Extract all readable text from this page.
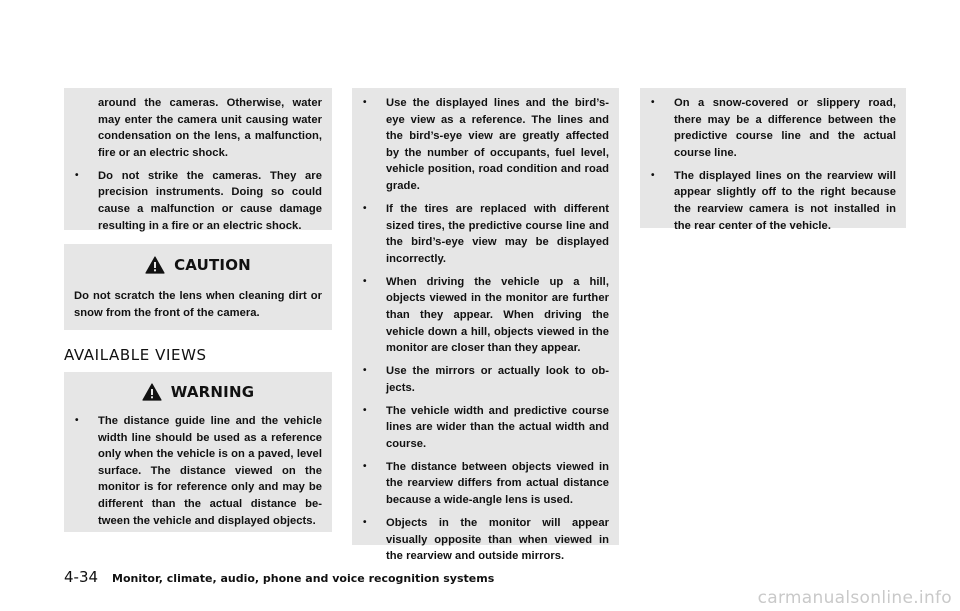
around the cameras. Otherwise, water may enter the camera unit causing water condensation on the lens, a malfunction, fire or an electric shock.

• Do not strike the cameras. They are precision instruments. Doing so could cause a malfunction or cause damage resulting in a fire or an electric shock.
CAUTION

Do not scratch the lens when cleaning dirt or snow from the front of the camera.

AVAILABLE VIEWS
WARNING
• The distance guide line and the vehicle width line should be used as a reference only when the vehicle is on a paved, level surface. The distance viewed on the monitor is for reference only and may be different than the actual distance be-tween the vehicle and displayed objects.
• Use the displayed lines and the bird’s-eye view as a reference. The lines and the bird’s-eye view are greatly affected by the number of occupants, fuel level, vehicle position, road condition and road grade.
• If the tires are replaced with different sized tires, the predictive course line and the bird’s-eye view may be displayed incorrectly.
• When driving the vehicle up a hill, objects viewed in the monitor are further than they appear. When driving the vehicle down a hill, objects viewed in the monitor are closer than they appear.
• Use the mirrors or actually look to ob-jects.
• The vehicle width and predictive course lines are wider than the actual width and course.
• The distance between objects viewed in the rearview differs from actual distance because a wide-angle lens is used.
• Objects in the monitor will appear visually opposite than when viewed in the rearview and outside mirrors.
• On a snow-covered or slippery road, there may be a difference between the predictive course line and the actual course line.
• The displayed lines on the rearview will appear slightly off to the right because the rearview camera is not installed in the rear center of the vehicle.
4-34 Monitor, climate, audio, phone and voice recognition systems
carmanualsonline.info
